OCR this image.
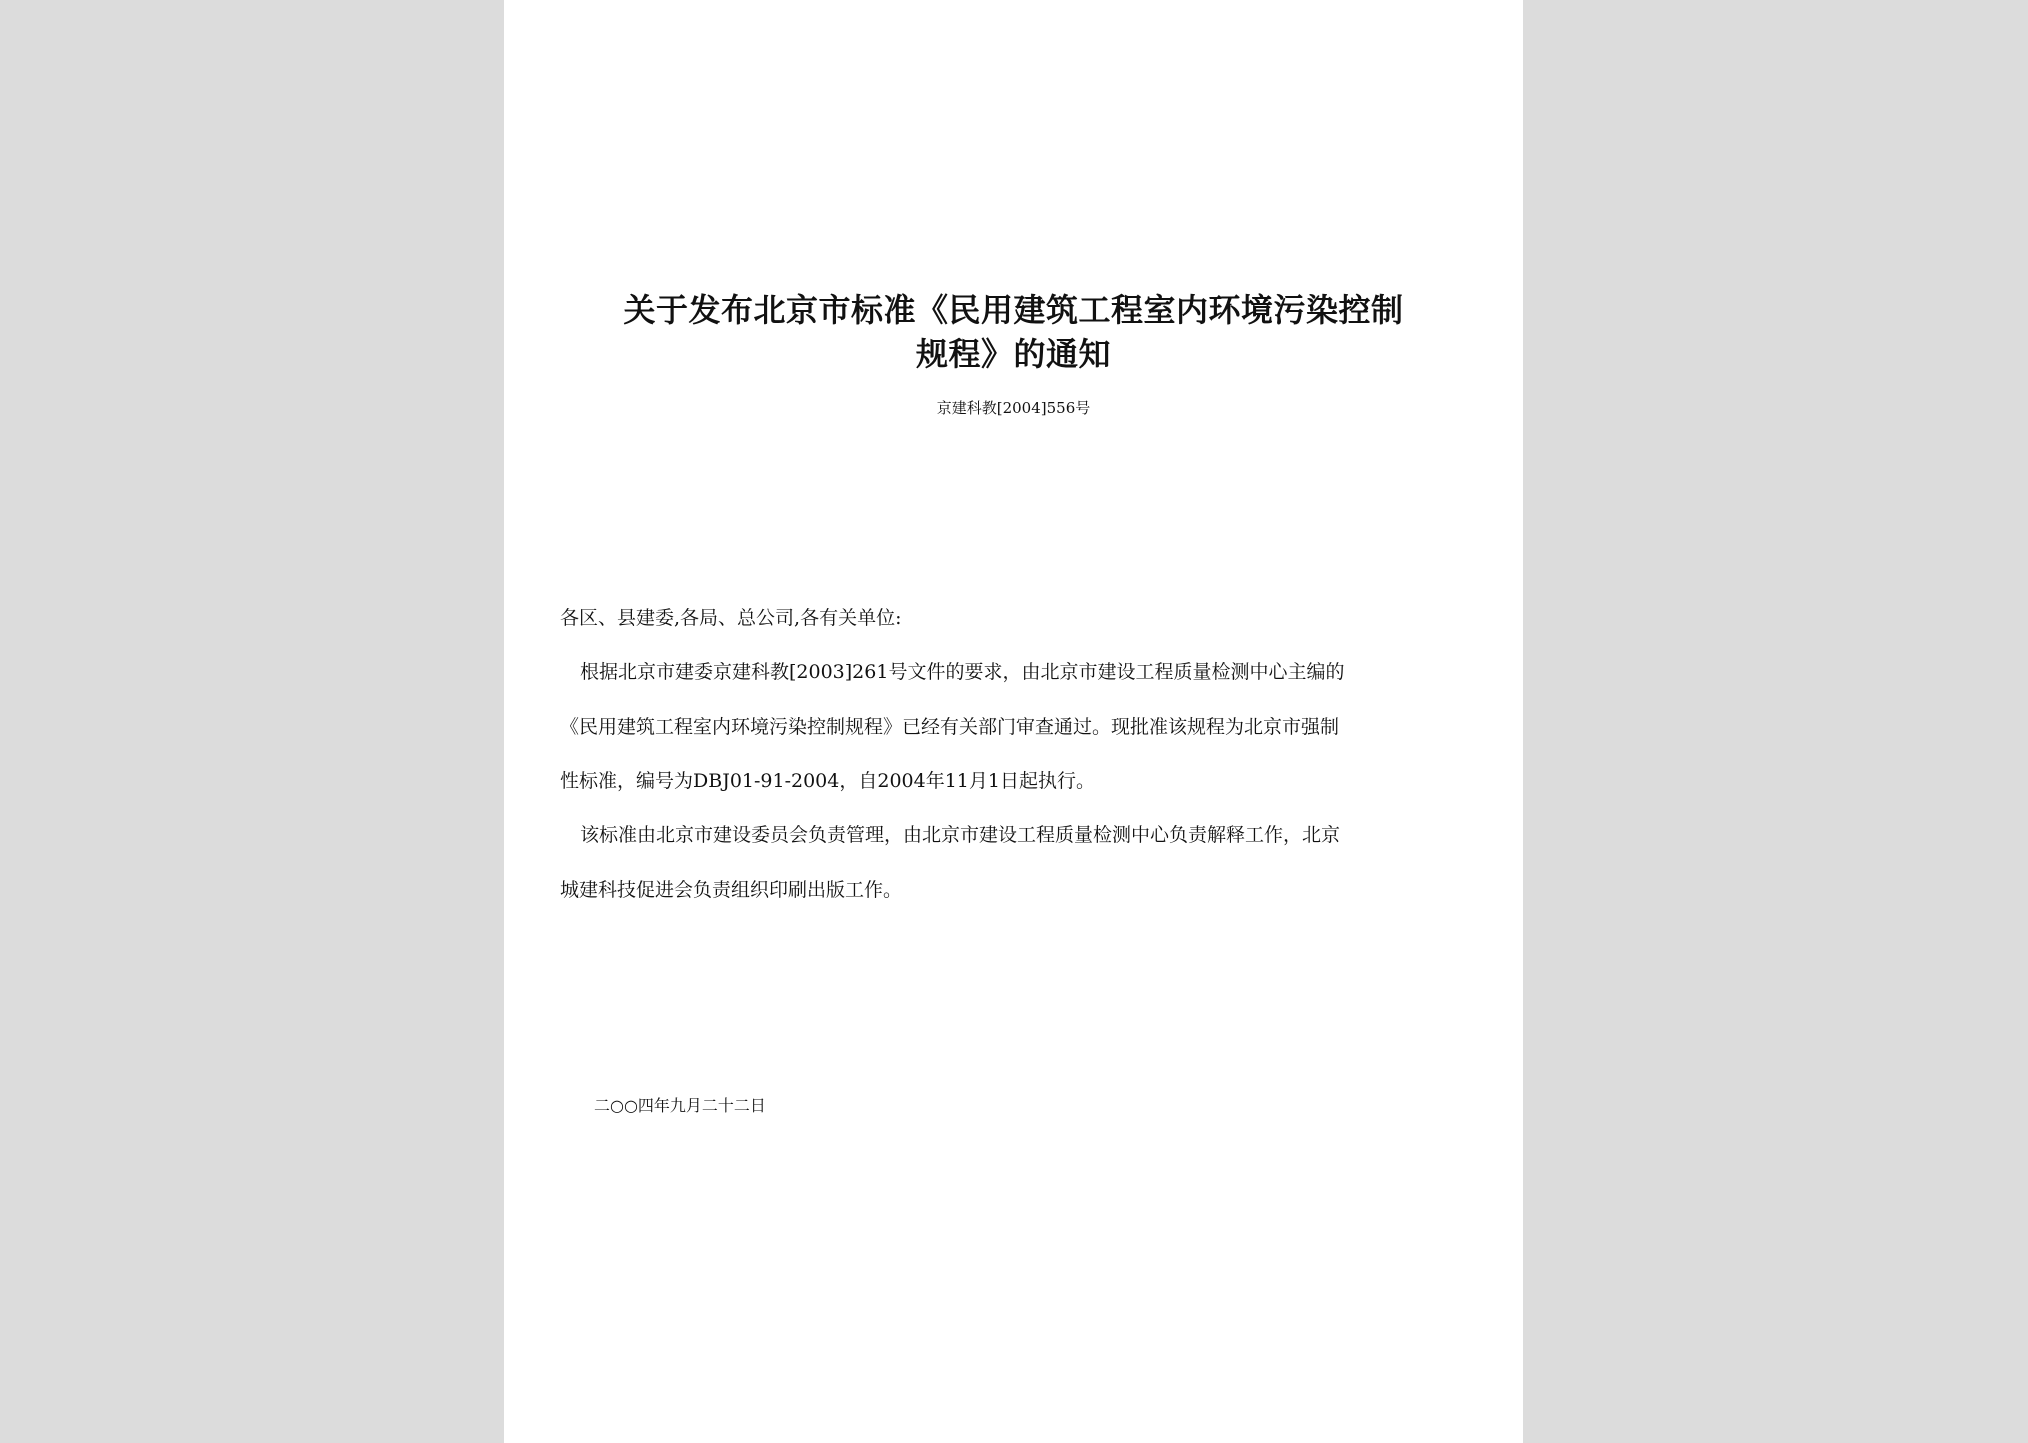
关于发布北京市标准《民用建筑工程室内环境污染控制
规程》的通知
京建科教[2004]556号
各区、县建委,各局、总公司,各有关单位:
根据北京市建委京建科教[2003]261号文件的要求，由北京市建设工程质量检测中心主编的
《民用建筑工程室内环境污染控制规程》已经有关部门审查通过。现批准该规程为北京市强制
性标准，编号为DBJ01-91-2004，自2004年11月1日起执行。
该标准由北京市建设委员会负责管理，由北京市建设工程质量检测中心负责解释工作，北京
城建科技促进会负责组织印刷出版工作。
二○○四年九月二十二日
